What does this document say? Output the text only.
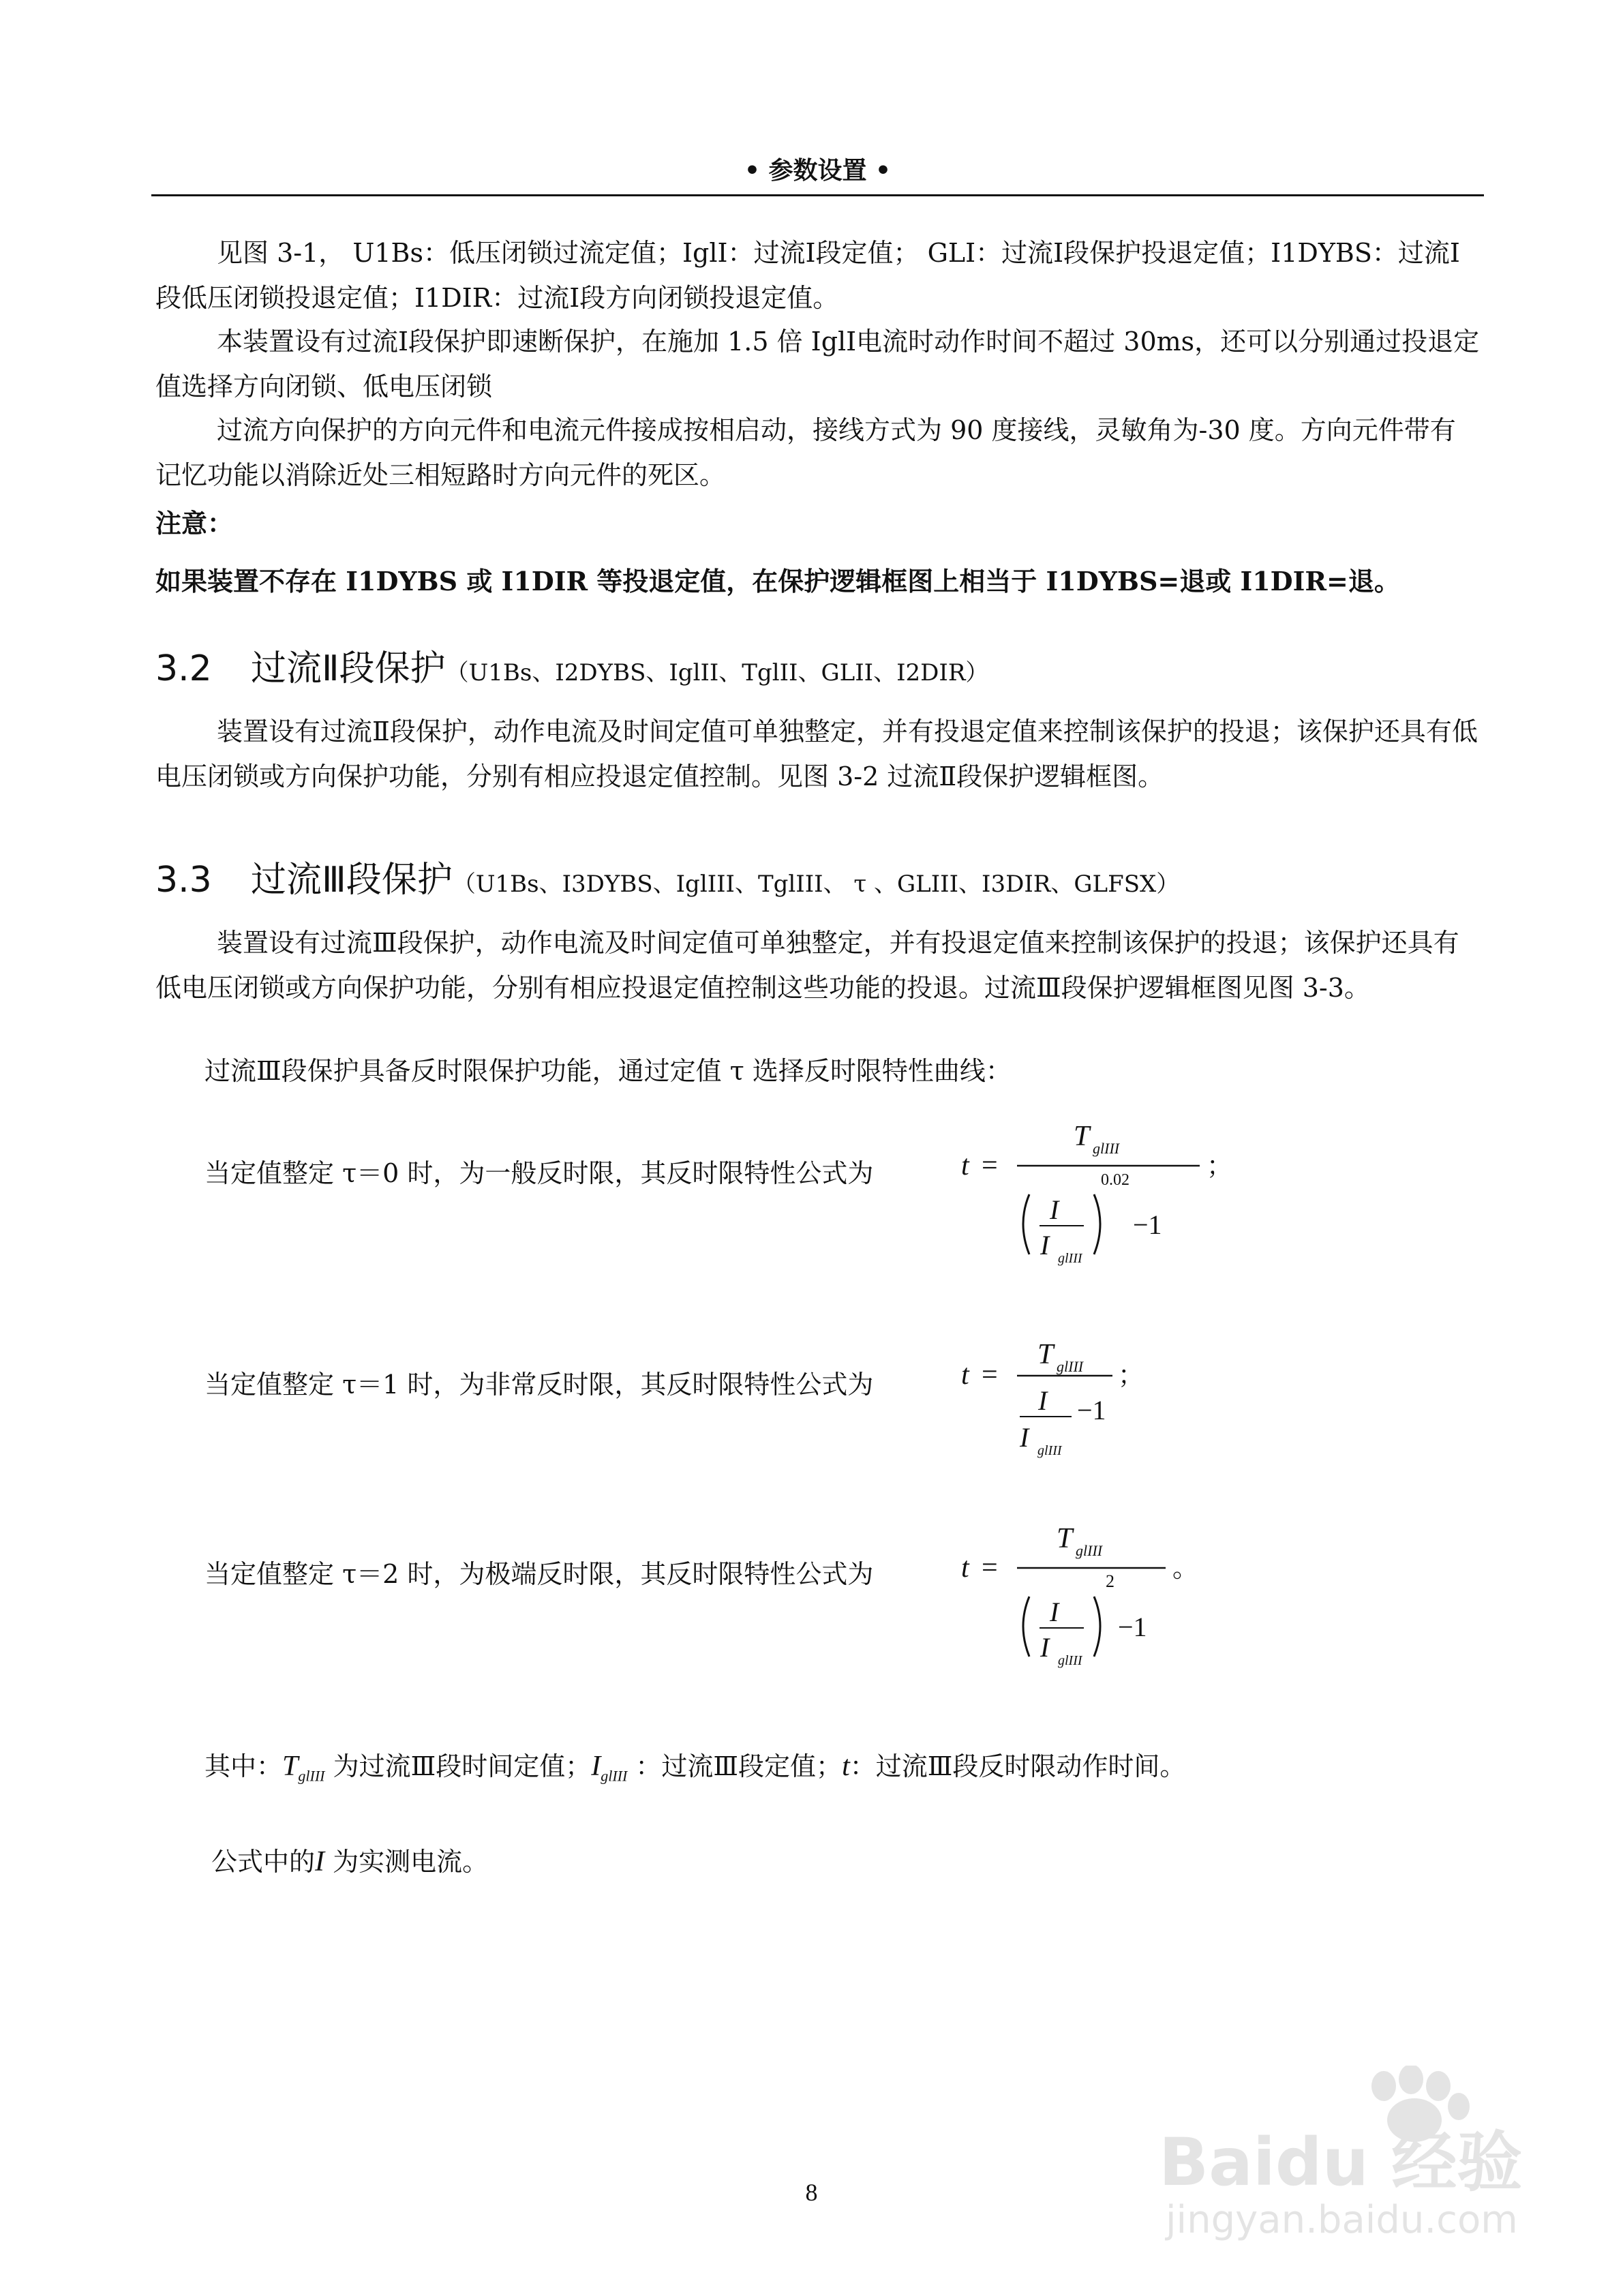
• 参数设置 •

见图 3-1， U1Bs：低压闭锁过流定值；IglI：过流Ⅰ段定值； GLI：过流Ⅰ段保护投退定值；I1DYBS：过流Ⅰ段低压闭锁投退定值；I1DIR：过流Ⅰ段方向闭锁投退定值。

本装置设有过流Ⅰ段保护即速断保护，在施加 1.5 倍 IglⅠ电流时动作时间不超过 30ms，还可以分别通过投退定值选择方向闭锁、低电压闭锁

过流方向保护的方向元件和电流元件接成按相启动，接线方式为 90 度接线，灵敏角为-30 度。方向元件带有记忆功能以消除近处三相短路时方向元件的死区。

注意：

如果装置不存在 I1DYBS 或 I1DIR 等投退定值，在保护逻辑框图上相当于 I1DYBS=退或 I1DIR=退。

3.2 过流Ⅱ段保护（U1Bs、I2DYBS、IglII、TglII、GLII、I2DIR）

装置设有过流Ⅱ段保护，动作电流及时间定值可单独整定，并有投退定值来控制该保护的投退；该保护还具有低电压闭锁或方向保护功能，分别有相应投退定值控制。见图 3-2 过流Ⅱ段保护逻辑框图。

3.3 过流Ⅲ段保护（U1Bs、I3DYBS、IglIII、TglIII、 τ 、GLIII、I3DIR、GLFSX）

装置设有过流Ⅲ段保护，动作电流及时间定值可单独整定，并有投退定值来控制该保护的投退；该保护还具有低电压闭锁或方向保护功能，分别有相应投退定值控制这些功能的投退。过流Ⅲ段保护逻辑框图见图 3-3。

过流Ⅲ段保护具备反时限保护功能，通过定值 τ 选择反时限特性曲线：

当定值整定 τ＝0 时，为一般反时限，其反时限特性公式为	t =
T glIII
I
I glIII
0.02
−1
；
当定值整定 τ＝1 时，为非常反时限，其反时限特性公式为	t =
T glIII
I
I glIII
−1
；
当定值整定 τ＝2 时，为极端反时限，其反时限特性公式为	t =
T glIII
I
I glIII
2
−1
。
其中：$T_{glIII}$ 为过流Ⅲ段时间定值；$I_{glIII}$ ：过流Ⅲ段定值；t：过流Ⅲ段反时限动作时间。
公式中的I 为实测电流。
Baidu 经验
jingyan.baidu.com
8
